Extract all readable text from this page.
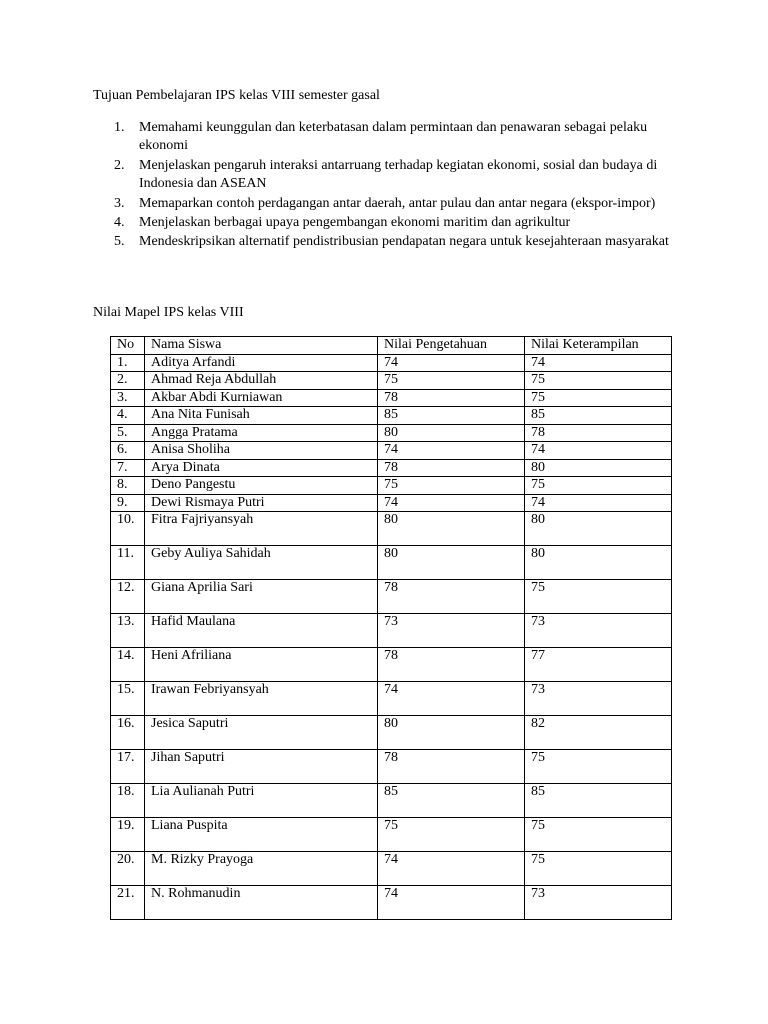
Tujuan Pembelajaran IPS kelas VIII semester gasal

1. Memahami keunggulan dan keterbatasan dalam permintaan dan penawaran sebagai pelaku ekonomi
2. Menjelaskan pengaruh interaksi antarruang terhadap kegiatan ekonomi, sosial dan budaya di Indonesia dan ASEAN
3. Memaparkan contoh perdagangan antar daerah, antar pulau dan antar negara (ekspor-impor)
4. Menjelaskan berbagai upaya pengembangan ekonomi maritim dan agrikultur
5. Mendeskripsikan alternatif pendistribusian pendapatan negara untuk kesejahteraan masyarakat

Nilai Mapel IPS kelas VIII

No	Nama Siswa	Nilai Pengetahuan	Nilai Keterampilan
1.	Aditya Arfandi	74	74
2.	Ahmad Reja Abdullah	75	75
3.	Akbar Abdi Kurniawan	78	75
4.	Ana Nita Funisah	85	85
5.	Angga Pratama	80	78
6.	Anisa Sholiha	74	74
7.	Arya Dinata	78	80
8.	Deno Pangestu	75	75
9.	Dewi Rismaya Putri	74	74
10.	Fitra Fajriyansyah	80	80
11.	Geby Auliya Sahidah	80	80
12.	Giana Aprilia Sari	78	75
13.	Hafid Maulana	73	73
14.	Heni Afriliana	78	77
15.	Irawan Febriyansyah	74	73
16.	Jesica Saputri	80	82
17.	Jihan Saputri	78	75
18.	Lia Aulianah Putri	85	85
19.	Liana Puspita	75	75
20.	M. Rizky Prayoga	74	75
21.	N. Rohmanudin	74	73
